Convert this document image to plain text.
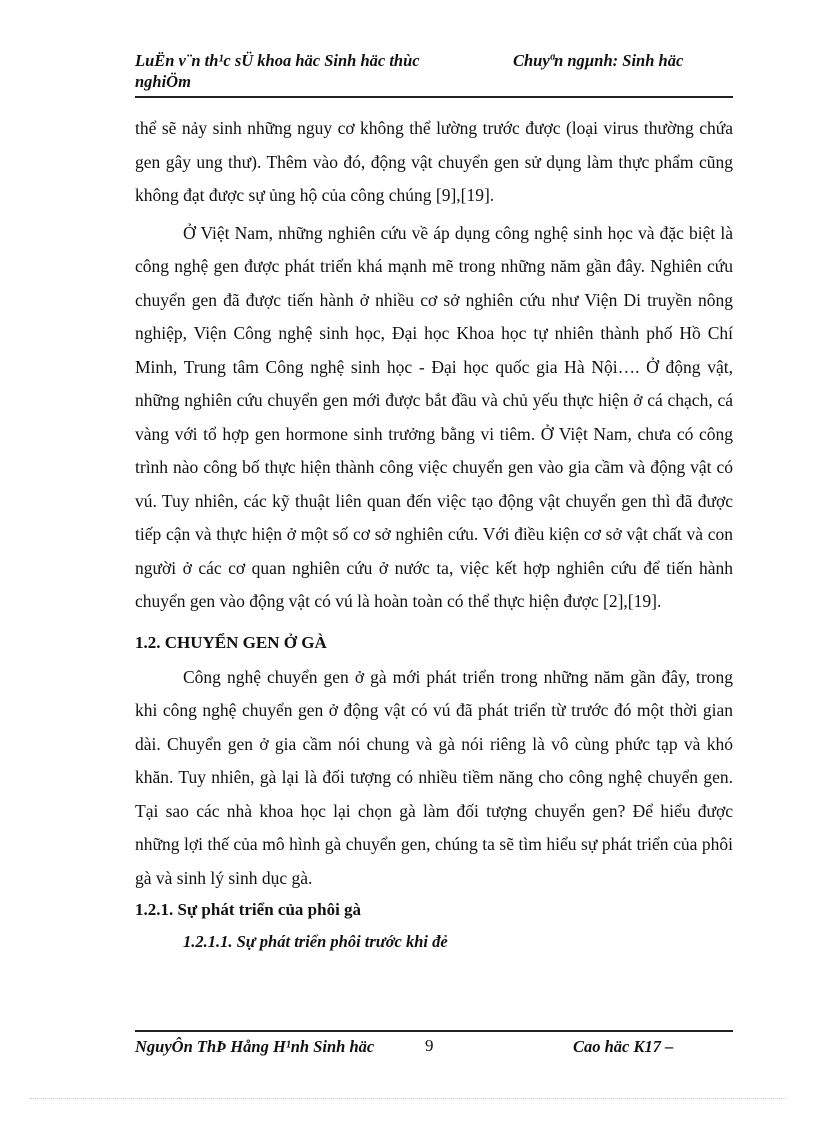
LuËn v¨n th¹c sÜ khoa häc Sinh häc thùc nghiÖm
Chuyªn ngµnh: Sinh häc

thể sẽ nảy sinh những nguy cơ không thể lường trước được (loại virus thường chứa gen gây ung thư). Thêm vào đó, động vật chuyển gen sử dụng làm thực phẩm cũng không đạt được sự ủng hộ của công chúng [9],[19].

Ở Việt Nam, những nghiên cứu về áp dụng công nghệ sinh học và đặc biệt là công nghệ gen được phát triển khá mạnh mẽ trong những năm gần đây. Nghiên cứu chuyển gen đã được tiến hành ở nhiều cơ sở nghiên cứu như Viện Di truyền nông nghiệp, Viện Công nghệ sinh học, Đại học Khoa học tự nhiên thành phố Hồ Chí Minh, Trung tâm Công nghệ sinh học - Đại học quốc gia Hà Nội…. Ở động vật, những nghiên cứu chuyển gen mới được bắt đầu và chủ yếu thực hiện ở cá chạch, cá vàng với tổ hợp gen hormone sinh trưởng bằng vi tiêm. Ở Việt Nam, chưa có công trình nào công bố thực hiện thành công việc chuyển gen vào gia cầm và động vật có vú. Tuy nhiên, các kỹ thuật liên quan đến việc tạo động vật chuyển gen thì đã được tiếp cận và thực hiện ở một số cơ sở nghiên cứu. Với điều kiện cơ sở vật chất và con người ở các cơ quan nghiên cứu ở nước ta, việc kết hợp nghiên cứu để tiến hành chuyển gen vào động vật có vú là hoàn toàn có thể thực hiện được [2],[19].

1.2. CHUYỂN GEN Ở GÀ

Công nghệ chuyển gen ở gà mới phát triển trong những năm gần đây, trong khi công nghệ chuyển gen ở động vật có vú đã phát triển từ trước đó một thời gian dài. Chuyển gen ở gia cầm nói chung và gà nói riêng là vô cùng phức tạp và khó khăn. Tuy nhiên, gà lại là đối tượng có nhiều tiềm năng cho công nghệ chuyển gen. Tại sao các nhà khoa học lại chọn gà làm đối tượng chuyển gen? Để hiểu được những lợi thế của mô hình gà chuyển gen, chúng ta sẽ tìm hiểu sự phát triển của phôi gà và sinh lý sinh dục gà.

1.2.1. Sự phát triển của phôi gà
1.2.1.1. Sự phát triển phôi trước khi đẻ
NguyÔn ThÞ Hång H¹nh Sinh häc	9	Cao häc K17 –
